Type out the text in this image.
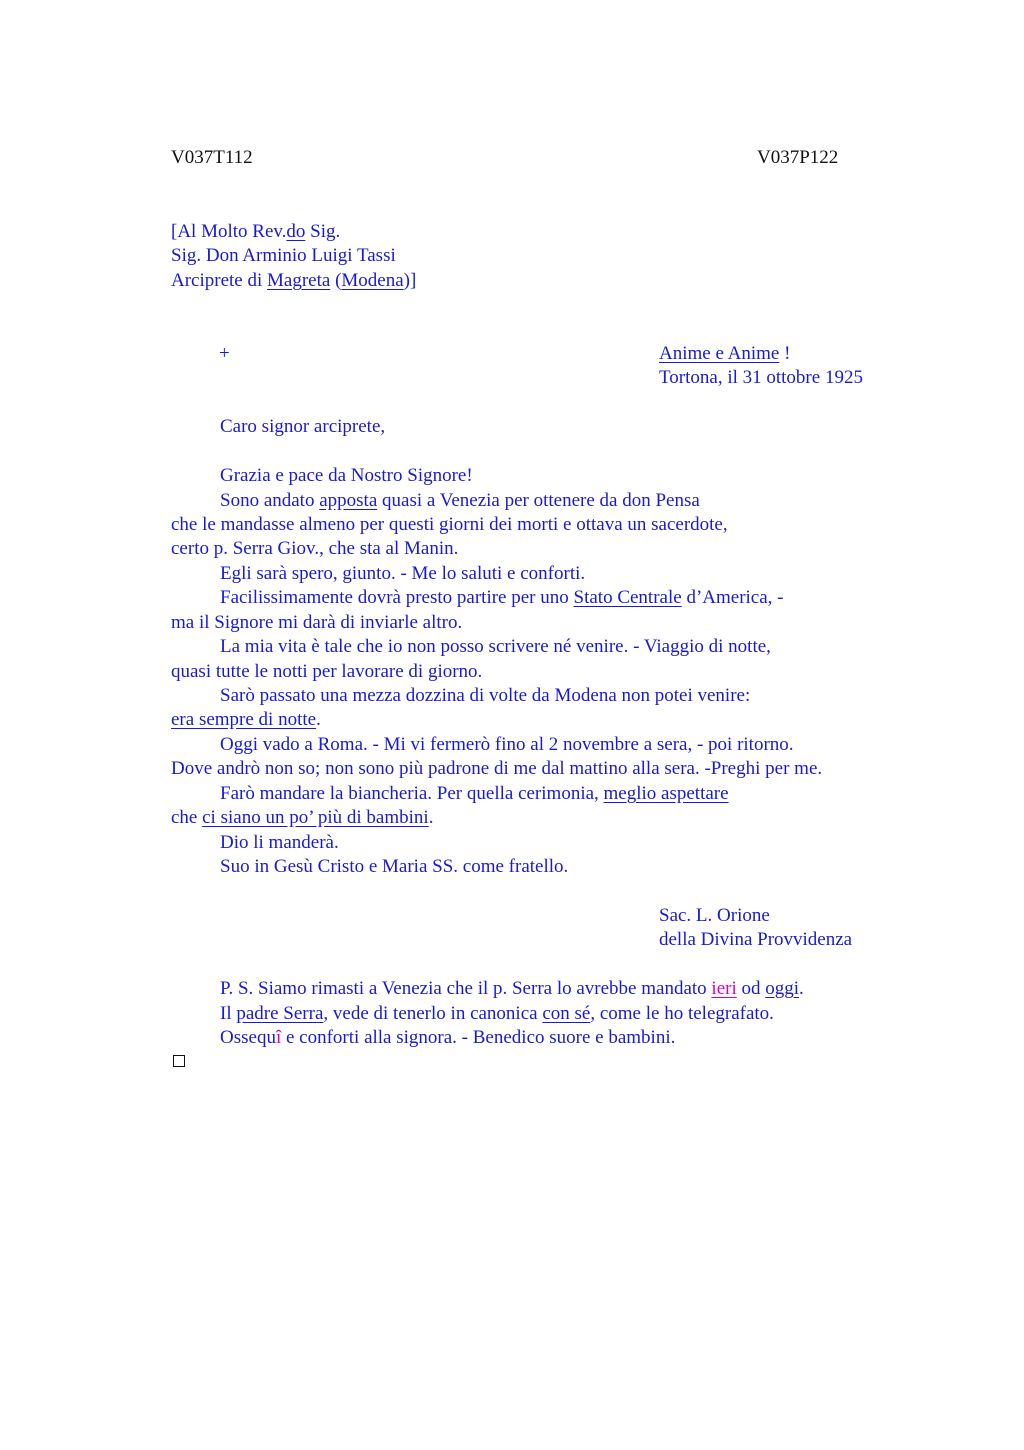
V037T112	V037P122
[Al Molto Rev.do Sig.
Sig. Don Arminio Luigi Tassi
Arciprete di Magreta (Modena)]
+	Anime e Anime !
Tortona, il 31 ottobre 1925
Caro signor arciprete,
Grazia e pace da Nostro Signore!
Sono andato apposta quasi a Venezia per ottenere da don Pensa
che le mandasse almeno per questi giorni dei morti e ottava un sacerdote,
certo p. Serra Giov., che sta al Manin.
Egli sarà spero, giunto. - Me lo saluti e conforti.
Facilissimamente dovrà presto partire per uno Stato Centrale d’America, -
ma il Signore mi darà di inviarle altro.
La mia vita è tale che io non posso scrivere né venire. - Viaggio di notte,
quasi tutte le notti per lavorare di giorno.
Sarò passato una mezza dozzina di volte da Modena non potei venire:
era sempre di notte.
Oggi vado a Roma. - Mi vi fermerò fino al 2 novembre a sera, - poi ritorno.
Dove andrò non so; non sono più padrone di me dal mattino alla sera. -Preghi per me.
Farò mandare la biancheria. Per quella cerimonia, meglio aspettare
che ci siano un po’ più di bambini.
Dio li manderà.
Suo in Gesù Cristo e Maria SS. come fratello.
Sac. L. Orione
della Divina Provvidenza
P. S. Siamo rimasti a Venezia che il p. Serra lo avrebbe mandato ieri od oggi.
Il padre Serra, vede di tenerlo in canonica con sé, come le ho telegrafato.
Ossequî e conforti alla signora. - Benedico suore e bambini.
